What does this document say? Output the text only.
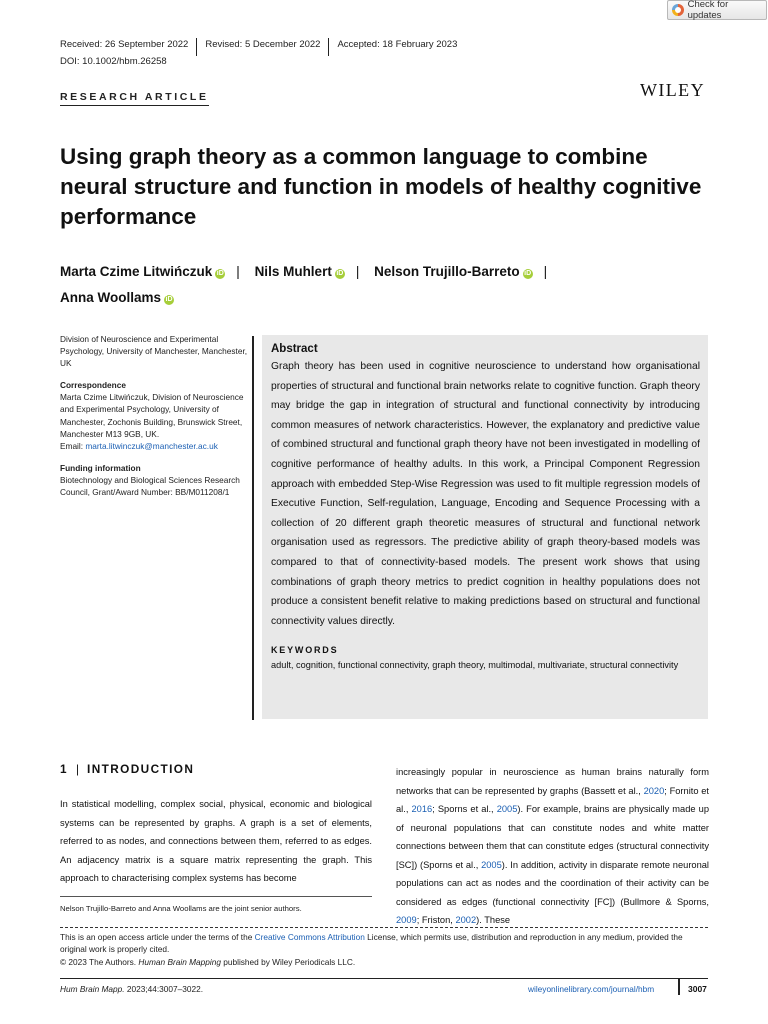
Check for updates
Received: 26 September 2022	Revised: 5 December 2022	Accepted: 18 February 2023
DOI: 10.1002/hbm.26258
RESEARCH ARTICLE	WILEY
Using graph theory as a common language to combine neural structure and function in models of healthy cognitive performance
Marta Czime Litwińczuk iD | Nils Muhlert iD | Nelson Trujillo-Barreto iD |
Anna Woollams iD
Division of Neuroscience and Experimental Psychology, University of Manchester, Manchester, UK
Correspondence
Marta Czime Litwińczuk, Division of Neuroscience and Experimental Psychology, University of Manchester, Zochonis Building, Brunswick Street, Manchester M13 9GB, UK.
Email: marta.litwinczuk@manchester.ac.uk
Funding information
Biotechnology and Biological Sciences Research Council, Grant/Award Number: BB/M011208/1
Abstract
Graph theory has been used in cognitive neuroscience to understand how organisational properties of structural and functional brain networks relate to cognitive function. Graph theory may bridge the gap in integration of structural and functional connectivity by introducing common measures of network characteristics. However, the explanatory and predictive value of combined structural and functional graph theory have not been investigated in modelling of cognitive performance of healthy adults. In this work, a Principal Component Regression approach with embedded Step-Wise Regression was used to fit multiple regression models of Executive Function, Self-regulation, Language, Encoding and Sequence Processing with a collection of 20 different graph theoretic measures of structural and functional network organisation used as regressors. The predictive ability of graph theory-based models was compared to that of connectivity-based models. The present work shows that using combinations of graph theory metrics to predict cognition in healthy populations does not produce a consistent benefit relative to making predictions based on structural and functional connectivity values directly.
KEYWORDS
adult, cognition, functional connectivity, graph theory, multimodal, multivariate, structural connectivity
1 | INTRODUCTION
In statistical modelling, complex social, physical, economic and biological systems can be represented by graphs. A graph is a set of elements, referred to as nodes, and connections between them, referred to as edges. An adjacency matrix is a square matrix representing the graph. This approach to characterising complex systems has become
increasingly popular in neuroscience as human brains naturally form networks that can be represented by graphs (Bassett et al., 2020; Fornito et al., 2016; Sporns et al., 2005). For example, brains are physically made up of neuronal populations that can constitute nodes and white matter connections between them that can constitute edges (structural connectivity [SC]) (Sporns et al., 2005). In addition, activity in disparate remote neuronal populations can act as nodes and the coordination of their activity can be considered as edges (functional connectivity [FC]) (Bullmore & Sporns, 2009; Friston, 2002). These
Nelson Trujillo-Barreto and Anna Woollams are the joint senior authors.
This is an open access article under the terms of the Creative Commons Attribution License, which permits use, distribution and reproduction in any medium, provided the original work is properly cited.
© 2023 The Authors. Human Brain Mapping published by Wiley Periodicals LLC.
Hum Brain Mapp. 2023;44:3007–3022.	wileyonlinelibrary.com/journal/hbm	3007
